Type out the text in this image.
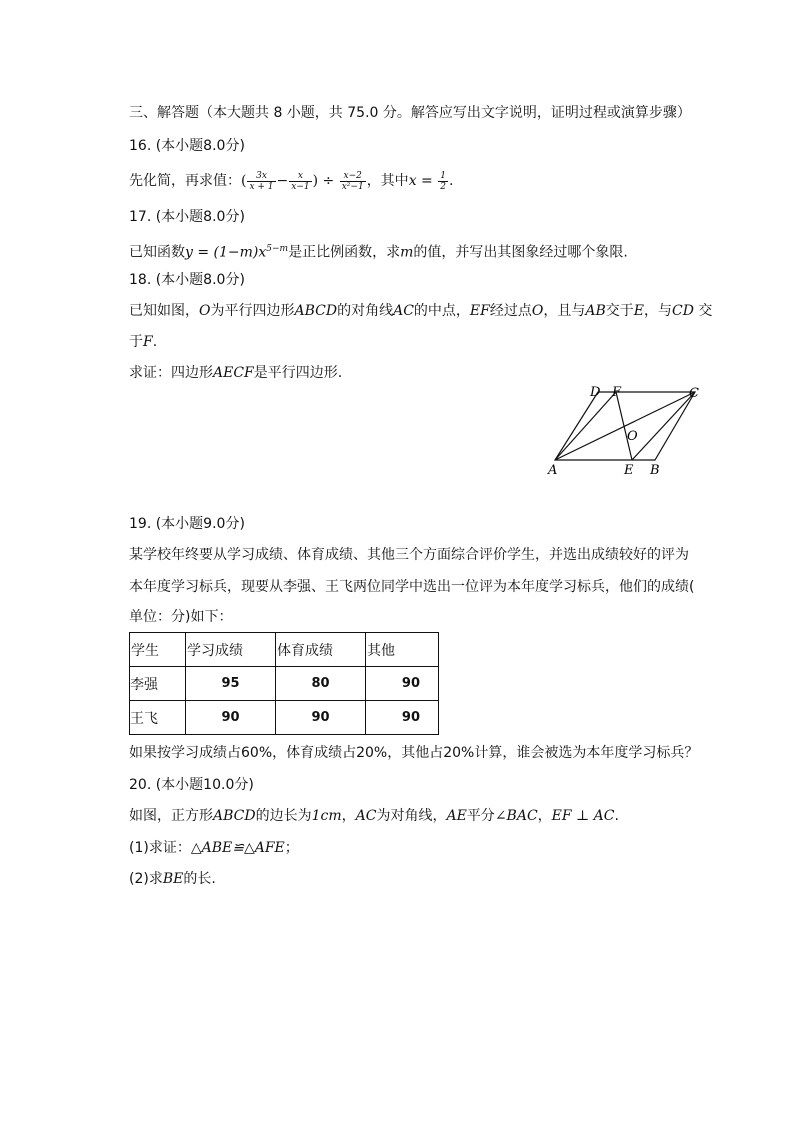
三、解答题（本大题共 8 小题，共 75.0 分。解答应写出文字说明，证明过程或演算步骤）
16. (本小题8.0分)
先化简，再求值：( $\frac{3x}{x + 1} - \frac{x}{x-1}$ ) ÷ $\frac{x-2}{\text{x²−1}}$ ，其中$x = \frac{1}{2}$ .
17. (本小题8.0分)
已知函数$y = (1-m)x^{5-m}$是正比例函数，求m的值，并写出其图象经过哪个象限.
18. (本小题8.0分)
已知如图，O为平行四边形ABCD的对角线AC的中点，EF经过点O，且与AB交于E，与CD 交
于F.
求证：四边形AECF是平行四边形.
A	B
C
D
E
F
O
19. (本小题9.0分)
某学校年终要从学习成绩、体育成绩、其他三个方面综合评价学生，并选出成绩较好的评为
本年度学习标兵，现要从李强、王飞两位同学中选出一位评为本年度学习标兵，他们的成绩(
单位：分)如下：
学生	学习成绩	体育成绩	其他
李强	95	80	90
王飞	90	90	90
如果按学习成绩占60%，体育成绩占20%，其他占20%计算，谁会被选为本年度学习标兵？
20. (本小题10.0分)
如图，正方形ABCD的边长为1cm，AC为对角线，AE平分∠BAC，EF ⊥ AC.
(1)求证：△ABE≌△AFE；
(2)求BE的长.
